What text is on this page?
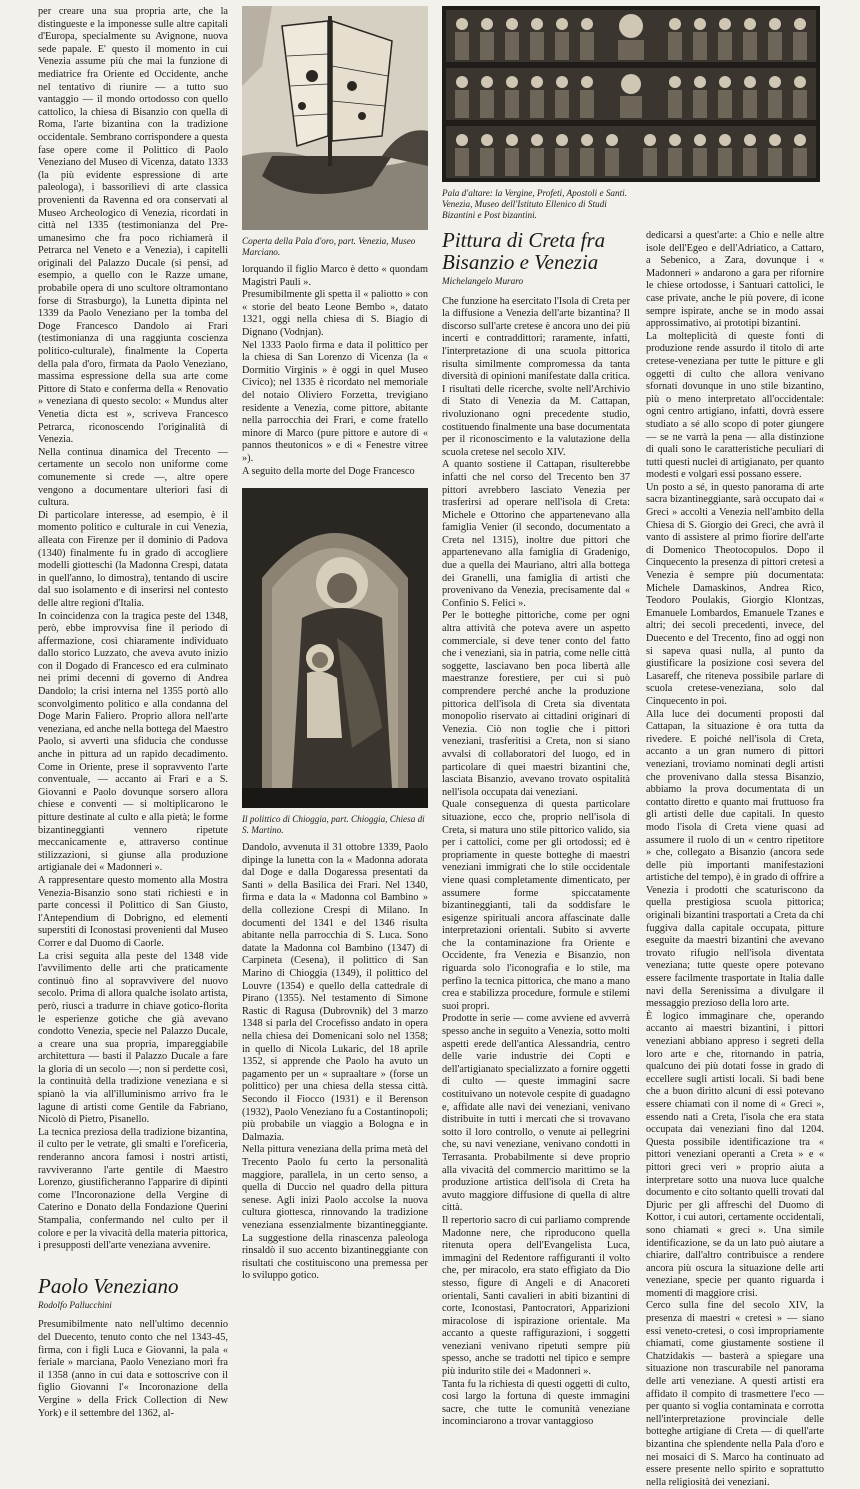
per creare una sua propria arte, che la distingueste e la imponesse sulle altre capitali d'Europa, specialmente su Avignone, nuova sede papale. E' questo il momento in cui Venezia assume più che mai la funzione di mediatrice fra Oriente ed Occidente, anche nel tentativo di riunire — a tutto suo vantaggio — il mondo ortodosso con quello cattolico, la chiesa di Bisanzio con quella di Roma, l'arte bizantina con la tradizione occidentale. Sembrano corrispondere a questa fase opere come il Polittico di Paolo Veneziano del Museo di Vicenza, datato 1333 (la più evidente espressione di arte paleologa), i bassorilievi di arte classica provenienti da Ravenna ed ora conservati al Museo Archeologico di Venezia, ricordati in città nel 1335 (testimonianza del Pre-umanesimo che fra poco richiamerà il Petrarca nel Veneto e a Venezia), i capitelli originali del Palazzo Ducale (si pensi, ad esempio, a quello con le Razze umane, probabile opera di uno scultore oltramontano forse di Strasburgo), la Lunetta dipinta nel 1339 da Paolo Veneziano per la tomba del Doge Francesco Dandolo ai Frari (testimonianza di una raggiunta coscienza politico-culturale), finalmente la Coperta della pala d'oro, firmata da Paolo Veneziano, massima espressione della sua arte come Pittore di Stato e conferma della « Renovatio » veneziana di questo secolo: « Mundus alter Venetia dicta est », scriveva Francesco Petrarca, riconoscendo l'originalità di Venezia.

Nella continua dinamica del Trecento — certamente un secolo non uniforme come comunemente si crede —, altre opere vengono a documentare ulteriori fasi di cultura.

Di particolare interesse, ad esempio, è il momento politico e culturale in cui Venezia, alleata con Firenze per il dominio di Padova (1340) finalmente fu in grado di accogliere modelli giotteschi (la Madonna Crespi, datata in quell'anno, lo dimostra), tentando di uscire dal suo isolamento e di inserirsi nel contesto delle altre regioni d'Italia.

In coincidenza con la tragica peste del 1348, però, ebbe improvvisa fine il periodo di affermazione, così chiaramente individuato dallo storico Luzzato, che aveva avuto inizio con il Dogado di Francesco ed era culminato nei primi decenni di governo di Andrea Dandolo; la crisi interna nel 1355 portò allo sconvolgimento politico e alla condanna del Doge Marin Faliero. Proprio allora nell'arte veneziana, ed anche nella bottega del Maestro Paolo, si avvertì una sfiducia che condusse anche in pittura ad un rapido decadimento. Come in Oriente, prese il sopravvento l'arte conventuale, — accanto ai Frari e a S. Giovanni e Paolo dovunque sorsero allora chiese e conventi — si moltiplicarono le pitture destinate al culto e alla pietà; le forme bizantineggianti vennero ripetute meccanicamente e, attraverso continue stilizzazioni, si giunse alla produzione artigianale dei « Madonneri ».

A rappresentare questo momento alla Mostra Venezia-Bisanzio sono stati richiesti e in parte concessi il Polittico di San Giusto, l'Antependium di Dobrigno, ed elementi superstiti di Iconostasi provenienti dal Museo Correr e dal Duomo di Caorle.

La crisi seguita alla peste del 1348 vide l'avvilimento delle arti che praticamente continuò fino al sopravvivere del nuovo secolo. Prima di allora qualche isolato artista, però, riuscì a tradurre in chiave gotico-florita le esperienze gotiche che già avevano condotto Venezia, specie nel Palazzo Ducale, a creare una sua propria, impareggiabile architettura — basti il Palazzo Ducale a fare la gloria di un secolo —; non si perdette così, la continuità della tradizione veneziana e si spianò la via all'illuminismo arrivo fra le lagune di artisti come Gentile da Fabriano, Nicolò di Pietro, Pisanello.

La tecnica preziosa della tradizione bizantina, il culto per le vetrate, gli smalti e l'oreficeria, renderanno ancora famosi i nostri artisti, ravviveranno l'arte gentile di Maestro Lorenzo, giustificheranno l'apparire di dipinti come l'Incoronazione della Vergine di Caterino e Donato della Fondazione Querini Stampalia, confermando nel culto per il colore e per la vivacità della materia pittorica, i presupposti dell'arte veneziana avvenire.

Paolo Veneziano
Rodolfo Pallucchini

Presumibilmente nato nell'ultimo decennio del Duecento, tenuto conto che nel 1343-45, firma, con i figli Luca e Giovanni, la pala « feriale » marciana, Paolo Veneziano morì fra il 1358 (anno in cui data e sottoscrive con il figlio Giovanni l'« Incoronazione della Vergine » della Frick Collection di New York) e il settembre del 1362, al-

Coperta della Pala d'oro, part. Venezia, Museo Marciano.

lorquando il figlio Marco è detto « quondam Magistri Pauli ».

Presumibilmente gli spetta il « paliotto » con « storie del beato Leone Bembo », datato 1321, oggi nella chiesa di S. Biagio di Dignano (Vodnjan).

Nel 1333 Paolo firma e data il polittico per la chiesa di San Lorenzo di Vicenza (la « Dormitio Virginis » è oggi in quel Museo Civico); nel 1335 è ricordato nel memoriale del notaio Oliviero Forzetta, trevigiano residente a Venezia, come pittore, abitante nella parrocchia dei Frari, e come fratello minore di Marco (pure pittore e autore di « pannos theutonicos » e di « Fenestre vitree »).

A seguito della morte del Doge Francesco

Il polittico di Chioggia, part. Chioggia, Chiesa di S. Martino.

Dandolo, avvenuta il 31 ottobre 1339, Paolo dipinge la lunetta con la « Madonna adorata dal Doge e dalla Dogaressa presentati da Santi » della Basilica dei Frari. Nel 1340, firma e data la « Madonna col Bambino » della collezione Crespi di Milano. In documenti del 1341 e del 1346 risulta abitante nella parrocchia di S. Luca. Sono datate la Madonna col Bambino (1347) di Carpineta (Cesena), il polittico di San Marino di Chioggia (1349), il polittico del Louvre (1354) e quello della cattedrale di Pirano (1355). Nel testamento di Simone Rastic di Ragusa (Dubrovnik) del 3 marzo 1348 si parla del Crocefisso andato in opera nella chiesa dei Domenicani solo nel 1358; in quello di Nicola Lukaric, del 18 aprile 1352, si apprende che Paolo ha avuto un pagamento per un « supraaltare » (forse un polittico) per una chiesa della stessa città. Secondo il Fiocco (1931) e il Berenson (1932), Paolo Veneziano fu a Costantinopoli; più probabile un viaggio a Bologna e in Dalmazia.

Nella pittura veneziana della prima metà del Trecento Paolo fu certo la personalità maggiore, parallela, in un certo senso, a quella di Duccio nel quadro della pittura senese. Agli inizi Paolo accolse la nuova cultura giottesca, rinnovando la tradizione veneziana essenzialmente bizantineggiante. La suggestione della rinascenza paleologa rinsaldò il suo accento bizantineggiante con risultati che costituiscono una premessa per lo sviluppo gotico.

Pala d'altare: la Vergine, Profeti, Apostoli e Santi. Venezia, Museo dell'Istituto Ellenico di Studi Bizantini e Post bizantini.
Pittura di Creta fra Bisanzio e Venezia
Michelangelo Muraro

Che funzione ha esercitato l'Isola di Creta per la diffusione a Venezia dell'arte bizantina? Il discorso sull'arte cretese è ancora uno dei più incerti e contraddittori; raramente, infatti, l'interpretazione di una scuola pittorica risulta similmente compromessa da tanta diversità di opinioni manifestate dalla critica. I risultati delle ricerche, svolte nell'Archivio di Stato di Venezia da M. Cattapan, rivoluzionano ogni precedente studio, costituendo finalmente una base documentata per il riconoscimento e la valutazione della scuola cretese nel secolo XIV.

A quanto sostiene il Cattapan, risulterebbe infatti che nel corso del Trecento ben 37 pittori avrebbero lasciato Venezia per trasferirsi ad operare nell'isola di Creta: Michele e Ottorino che appartenevano alla famiglia Venier (il secondo, documentato a Creta nel 1315), inoltre due pittori che appartenevano alla famiglia di Gradenigo, due a quella dei Mauriano, altri alla bottega dei Granelli, una famiglia di artisti che provenivano da Venezia, precisamente dal « Confinio S. Felici ».

Per le botteghe pittoriche, come per ogni altra attività che poteva avere un aspetto commerciale, si deve tener conto del fatto che i veneziani, sia in patria, come nelle città soggette, lasciavano ben poca libertà alle maestranze forestiere, per cui si può comprendere perché anche la produzione pittorica dell'isola di Creta sia diventata monopolio riservato ai cittadini originari di Venezia. Ciò non toglie che i pittori veneziani, trasferitisi a Creta, non si siano avvalsi di collaboratori del luogo, ed in particolare di quei maestri bizantini che, lasciata Bisanzio, avevano trovato ospitalità nell'isola occupata dai veneziani.

Quale conseguenza di questa particolare situazione, ecco che, proprio nell'isola di Creta, si matura uno stile pittorico valido, sia per i cattolici, come per gli ortodossi; ed è propriamente in queste botteghe di maestri veneziani immigrati che lo stile occidentale viene quasi completamente dimenticato, per assumere forme spiccatamente bizantineggianti, tali da soddisfare le esigenze spirituali ancora affascinate dalle interpretazioni orientali. Subito si avverte che la contaminazione fra Oriente e Occidente, fra Venezia e Bisanzio, non riguarda solo l'iconografia e lo stile, ma perfino la tecnica pittorica, che mano a mano crea e stabilizza procedure, formule e stilemi suoi propri.

Prodotte in serie — come avviene ed avverrà spesso anche in seguito a Venezia, sotto molti aspetti erede dell'antica Alessandria, centro delle varie industrie dei Copti e dell'artigianato specializzato a fornire oggetti di culto — queste immagini sacre costituivano un notevole cespite di guadagno e, affidate alle navi dei veneziani, venivano distribuite in tutti i mercati che si trovavano sotto il loro controllo, o venute ai pellegrini che, su navi veneziane, venivano condotti in Terrasanta. Probabilmente si deve proprio alla vivacità del commercio marittimo se la produzione artistica dell'isola di Creta ha avuto maggiore diffusione di quella di altre città.

Il repertorio sacro di cui parliamo comprende Madonne nere, che riproducono quella ritenuta opera dell'Evangelista Luca, immagini del Redentore raffiguranti il volto che, per miracolo, era stato effigiato da Dio stesso, figure di Angeli e di Anacoreti orientali, Santi cavalieri in abiti bizantini di corte, Iconostasi, Pantocratori, Apparizioni miracolose di ispirazione orientale. Ma accanto a queste raffigurazioni, i soggetti veneziani venivano ripetuti sempre più spesso, anche se tradotti nel tipico e sempre più indurito stile dei « Madonneri ».

Tanta fu la richiesta di questi oggetti di culto, così largo la fortuna di queste immagini sacre, che tutte le comunità veneziane incominciarono a trovar vantaggioso

dedicarsi a quest'arte: a Chio e nelle altre isole dell'Egeo e dell'Adriatico, a Cattaro, a Sebenico, a Zara, dovunque i « Madonneri » andarono a gara per rifornire le chiese ortodosse, i Santuari cattolici, le case private, anche le più povere, di icone sempre ispirate, anche se in modo assai approssimativo, ai prototipi bizantini.

La molteplicità di queste fonti di produzione rende assurdo il titolo di arte cretese-veneziana per tutte le pitture e gli oggetti di culto che allora venivano sfornati dovunque in uno stile bizantino, più o meno interpretato all'occidentale: ogni centro artigiano, infatti, dovrà essere studiato a sé allo scopo di poter giungere — se ne varrà la pena — alla distinzione di quali sono le caratteristiche peculiari di tutti questi nuclei di artigianato, per quanto modesti e volgari essi possano essere.

Un posto a sé, in questo panorama di arte sacra bizantineggiante, sarà occupato dai « Greci » accolti a Venezia nell'ambito della Chiesa di S. Giorgio dei Greci, che avrà il vanto di assistere al primo fiorire dell'arte di Domenico Theotocopulos. Dopo il Cinquecento la presenza di pittori cretesi a Venezia è sempre più documentata: Michele Damaskinos, Andrea Rico, Teodoro Poulakis, Giorgio Klontzas, Emanuele Lombardos, Emanuele Tzanes e altri; dei secoli precedenti, invece, del Duecento e del Trecento, fino ad oggi non si sapeva quasi nulla, al punto da giustificare la posizione così severa del Lasareff, che riteneva possibile parlare di scuola cretese-veneziana, solo dal Cinquecento in poi.

Alla luce dei documenti proposti dal Cattapan, la situazione è ora tutta da rivedere. E poiché nell'isola di Creta, accanto a un gran numero di pittori veneziani, troviamo nominati degli artisti che provenivano dalla stessa Bisanzio, abbiamo la prova documentata di un contatto diretto e quanto mai fruttuoso fra gli artisti delle due capitali. In questo modo l'isola di Creta viene quasi ad assumere il ruolo di un « centro ripetitore » che, collegato a Bisanzio (ancora sede delle più importanti manifestazioni artistiche del tempo), è in grado di offrire a Venezia i prodotti che scaturiscono da quella prestigiosa scuola pittorica; originali bizantini trasportati a Creta da chi fuggiva dalla capitale occupata, pitture eseguite da maestri bizantini che avevano trovato rifugio nell'isola diventata veneziana; tutte queste opere potevano essere facilmente trasportate in Italia dalle navi della Serenissima a divulgare il messaggio prezioso della loro arte.

È logico immaginare che, operando accanto ai maestri bizantini, i pittori veneziani abbiano appreso i segreti della loro arte e che, ritornando in patria, qualcuno dei più dotati fosse in grado di eccellere sugli artisti locali. Si badi bene che a buon diritto alcuni di essi potevano essere chiamati con il nome di « Greci », essendo nati a Creta, l'isola che era stata occupata dai veneziani fino dal 1204. Questa possibile identificazione tra « pittori veneziani operanti a Creta » e « pittori greci veri » proprio aiuta a interpretare sotto una nuova luce qualche documento e cito soltanto quelli trovati dal Djuric per gli affreschi del Duomo di Kottor, i cui autori, certamente occidentali, sono chiamati « greci ». Una simile identificazione, se da un lato può aiutare a chiarire, dall'altro contribuisce a rendere ancora più oscura la situazione delle arti veneziane, specie per quanto riguarda i momenti di maggiore crisi.

Cerco sulla fine del secolo XIV, la presenza di maestri « cretesi » — siano essi veneto-cretesi, o così impropriamente chiamati, come giustamente sostiene il Chatzidakis — basterà a spiegare una situazione non trascurabile nel panorama delle arti veneziane. A questi artisti era affidato il compito di trasmettere l'eco — per quanto si voglia contaminata e corrotta nell'interpretazione provinciale delle botteghe artigiane di Creta — di quell'arte bizantina che splendente nella Pala d'oro e nei mosaici di S. Marco ha continuato ad essere presente nello spirito e soprattutto nella religiosità dei veneziani.
